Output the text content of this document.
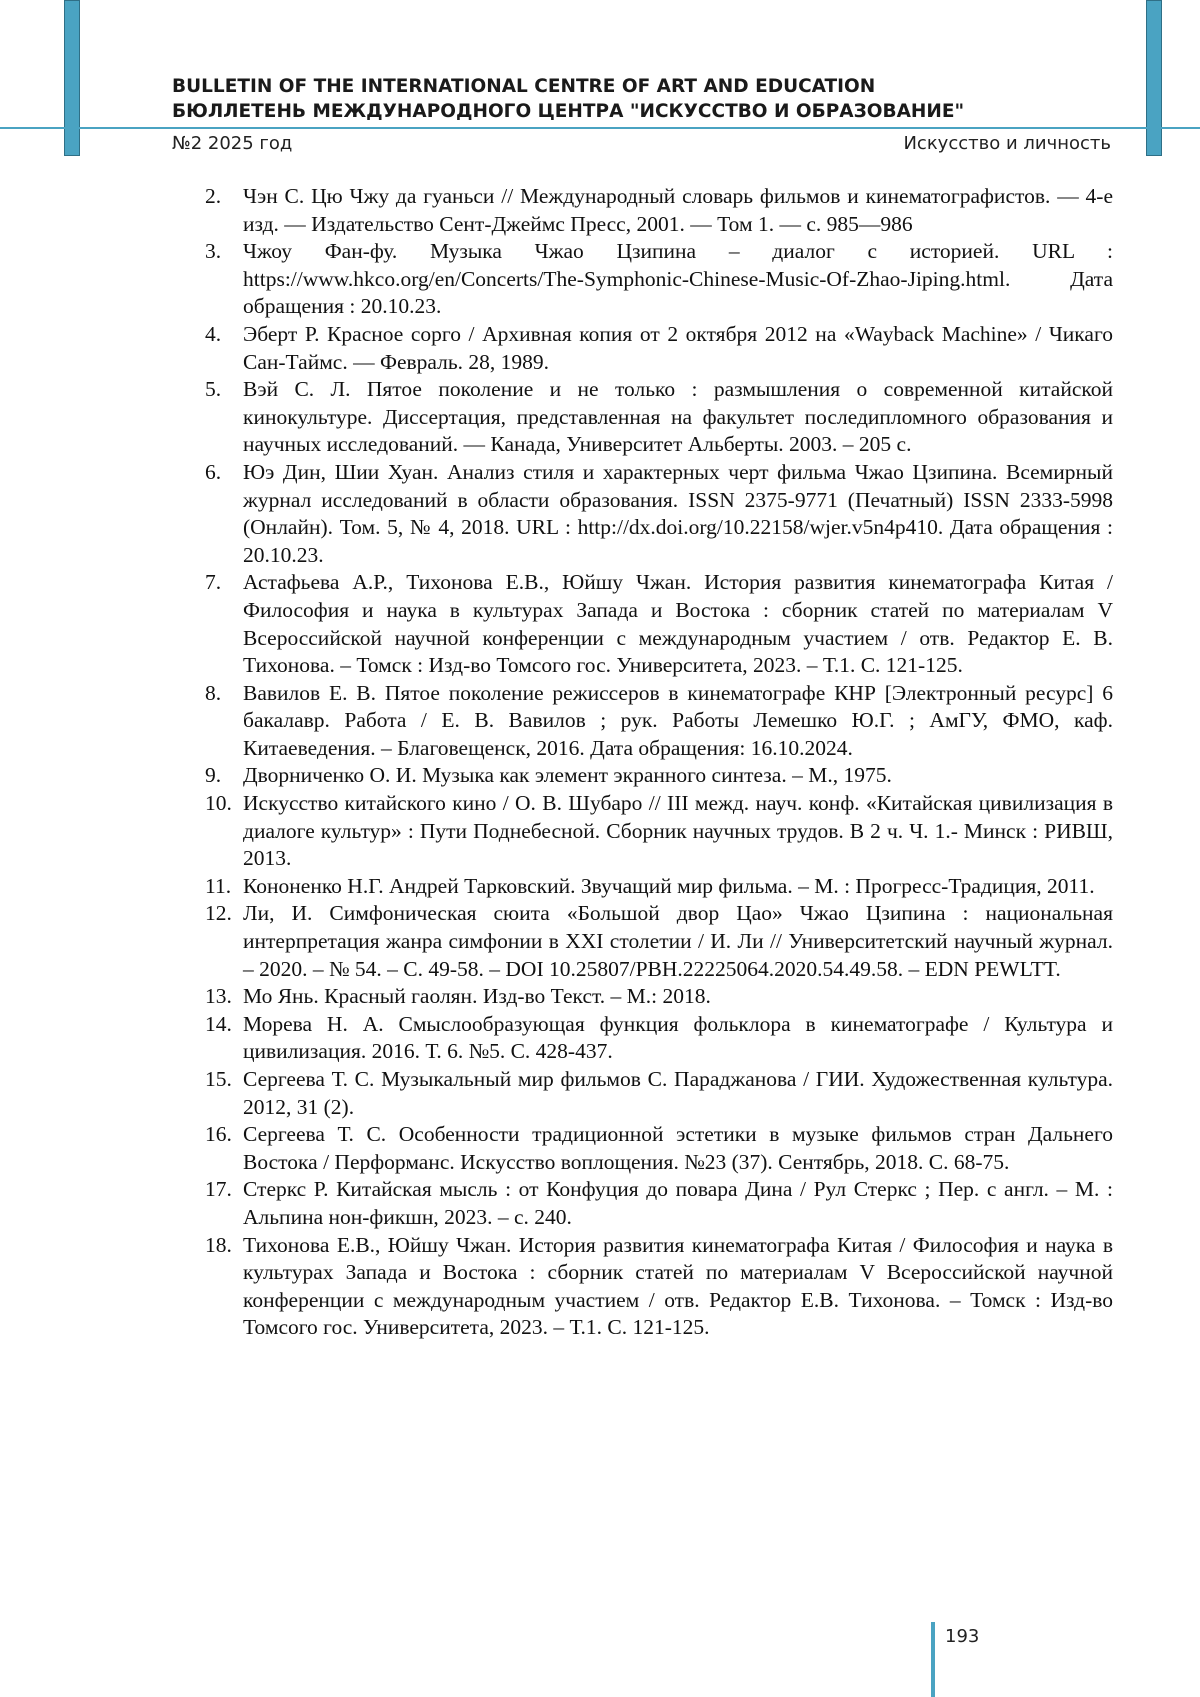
BULLETIN OF THE INTERNATIONAL CENTRE OF ART AND EDUCATION
БЮЛЛЕТЕНЬ МЕЖДУНАРОДНОГО ЦЕНТРА "ИСКУССТВО И ОБРАЗОВАНИЕ"
№2 2025 год	Искусство и личность
2.	Чэн С. Цю Чжу да гуаньси // Международный словарь фильмов и кинематографистов. — 4-е изд. — Издательство Сент-Джеймс Пресс, 2001. — Том 1. — с. 985—986
3.	Чжоу Фан-фу. Музыка Чжао Цзипина – диалог с историей. URL : https://www.hkco.org/en/Concerts/The-Symphonic-Chinese-Music-Of-Zhao-Jiping.html. Дата обращения : 20.10.23.
4.	Эберт Р. Красное сорго / Архивная копия от 2 октября 2012 на «Wayback Machine» / Чикаго Сан-Таймс. — Февраль. 28, 1989.
5.	Вэй С. Л. Пятое поколение и не только : размышления о современной китайской кинокультуре. Диссертация, представленная на факультет последипломного образования и научных исследований. — Канада, Университет Альберты. 2003. – 205 с.
6.	Юэ Дин, Шии Хуан. Анализ стиля и характерных черт фильма Чжао Цзипина. Всемирный журнал исследований в области образования. ISSN 2375-9771 (Печатный) ISSN 2333-5998 (Онлайн). Том. 5, № 4, 2018. URL : http://dx.doi.org/10.22158/wjer.v5n4p410. Дата обращения : 20.10.23.
7.	Астафьева А.Р., Тихонова Е.В., Юйшу Чжан. История развития кинематографа Китая / Философия и наука в культурах Запада и Востока : сборник статей по материалам V Всероссийской научной конференции с международным участием / отв. Редактор Е. В. Тихонова. – Томск : Изд-во Томсого гос. Университета, 2023. – Т.1. С. 121-125.
8.	Вавилов Е. В. Пятое поколение режиссеров в кинематографе КНР [Электронный ресурс] 6 бакалавр. Работа / Е. В. Вавилов ; рук. Работы Лемешко Ю.Г. ; АмГУ, ФМО, каф. Китаеведения. – Благовещенск, 2016. Дата обращения: 16.10.2024.
9.	Дворниченко О. И. Музыка как элемент экранного синтеза. – М., 1975.
10. Искусство китайского кино / О. В. Шубаро // III межд. науч. конф. «Китайская цивилизация в диалоге культур» : Пути Поднебесной. Сборник научных трудов. В 2 ч. Ч. 1.- Минск : РИВШ, 2013.
11. Кононенко Н.Г. Андрей Тарковский. Звучащий мир фильма. – М. : Прогресс-Традиция, 2011.
12. Ли, И. Симфоническая сюита «Большой двор Цао» Чжао Цзипина : национальная интерпретация жанра симфонии в XXI столетии / И. Ли // Университетский научный журнал. – 2020. – № 54. – С. 49-58. – DOI 10.25807/PBH.22225064.2020.54.49.58. – EDN PEWLTT.
13. Мо Янь. Красный гаолян. Изд-во Текст. – М.: 2018.
14. Морева Н. А. Смыслообразующая функция фольклора в кинематографе / Культура и цивилизация. 2016. Т. 6. №5. С. 428-437.
15. Сергеева Т. С. Музыкальный мир фильмов С. Параджанова / ГИИ. Художественная культура. 2012, 31 (2).
16. Сергеева Т. С. Особенности традиционной эстетики в музыке фильмов стран Дальнего Востока / Перформанс. Искусство воплощения. №23 (37). Сентябрь, 2018. С. 68-75.
17. Стеркс Р. Китайская мысль : от Конфуция до повара Дина / Рул Стеркс ; Пер. с англ. – М. : Альпина нон-фикшн, 2023. – с. 240.
18. Тихонова Е.В., Юйшу Чжан. История развития кинематографа Китая / Философия и наука в культурах Запада и Востока : сборник статей по материалам V Всероссийской научной конференции с международным участием / отв. Редактор Е.В. Тихонова. – Томск : Изд-во Томсого гос. Университета, 2023. – Т.1. С. 121-125.
193
